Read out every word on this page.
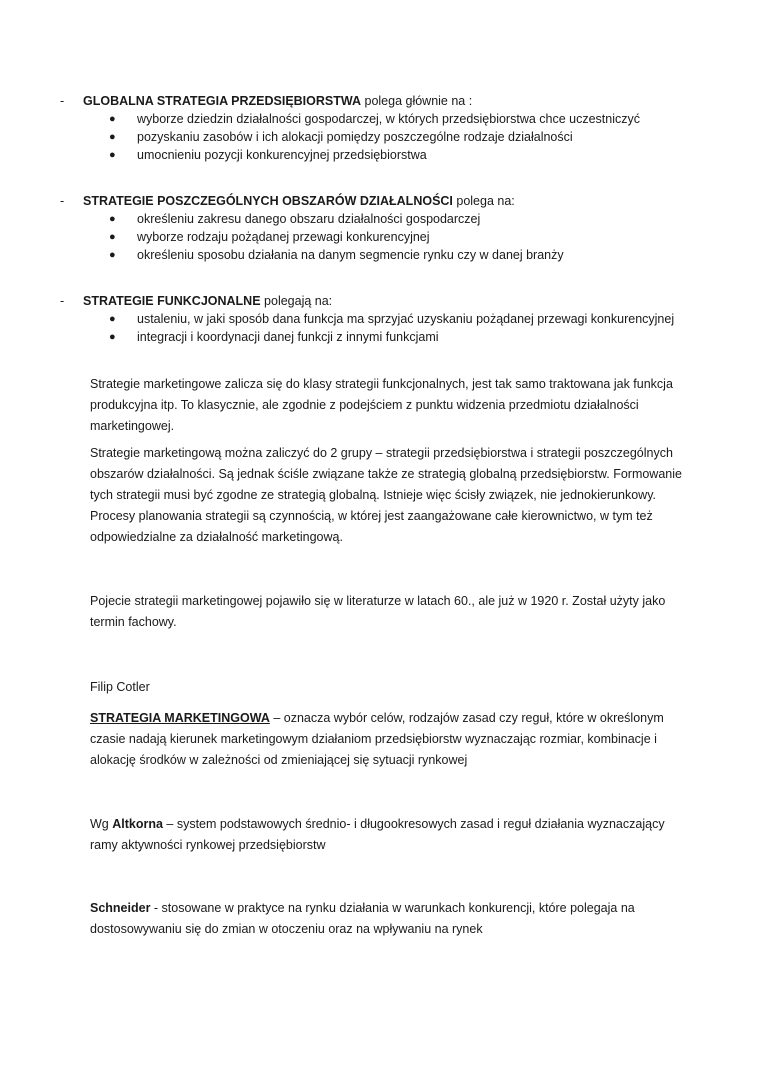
- GLOBALNA STRATEGIA PRZEDSIĘBIORSTWA polega głównie na :
● wyborze dziedzin działalności gospodarczej, w których przedsiębiorstwa chce uczestniczyć
● pozyskaniu zasobów i ich alokacji pomiędzy poszczególne rodzaje działalności
● umocnieniu pozycji konkurencyjnej przedsiębiorstwa
- STRATEGIE POSZCZEGÓLNYCH OBSZARÓW DZIAŁALNOŚCI polega na:
● określeniu zakresu danego obszaru działalności gospodarczej
● wyborze rodzaju pożądanej przewagi konkurencyjnej
● określeniu sposobu działania na danym segmencie rynku czy w danej branży
- STRATEGIE FUNKCJONALNE polegają na:
● ustaleniu, w jaki sposób dana funkcja ma sprzyjać uzyskaniu pożądanej przewagi konkurencyjnej
● integracji i koordynacji danej funkcji z innymi funkcjami

Strategie marketingowe zalicza się do klasy strategii funkcjonalnych, jest tak samo traktowana jak funkcja produkcyjna itp. To klasycznie, ale zgodnie z podejściem z punktu widzenia przedmiotu działalności marketingowej.

Strategie marketingową można zaliczyć do 2 grupy – strategii przedsiębiorstwa i strategii poszczególnych obszarów działalności. Są jednak ściśle związane także ze strategią globalną przedsiębiorstw. Formowanie tych strategii musi być zgodne ze strategią globalną. Istnieje więc ścisły związek, nie jednokierunkowy. Procesy planowania strategii są czynnością, w której jest zaangażowane całe kierownictwo, w tym też odpowiedzialne za działalność marketingową.

Pojecie strategii marketingowej pojawiło się w literaturze w latach 60., ale już w 1920 r. Został użyty jako termin fachowy.

Filip Cotler

STRATEGIA MARKETINGOWA – oznacza wybór celów, rodzajów zasad czy reguł, które w określonym czasie nadają kierunek marketingowym działaniom przedsiębiorstw wyznaczając rozmiar, kombinacje i alokację środków w zależności od zmieniającej się sytuacji rynkowej

Wg Altkorna – system podstawowych średnio- i długookresowych zasad i reguł działania wyznaczający ramy aktywności rynkowej przedsiębiorstw

Schneider - stosowane w praktyce na rynku działania w warunkach konkurencji, które polegaja na dostosowywaniu się do zmian w otoczeniu oraz na wpływaniu na rynek
